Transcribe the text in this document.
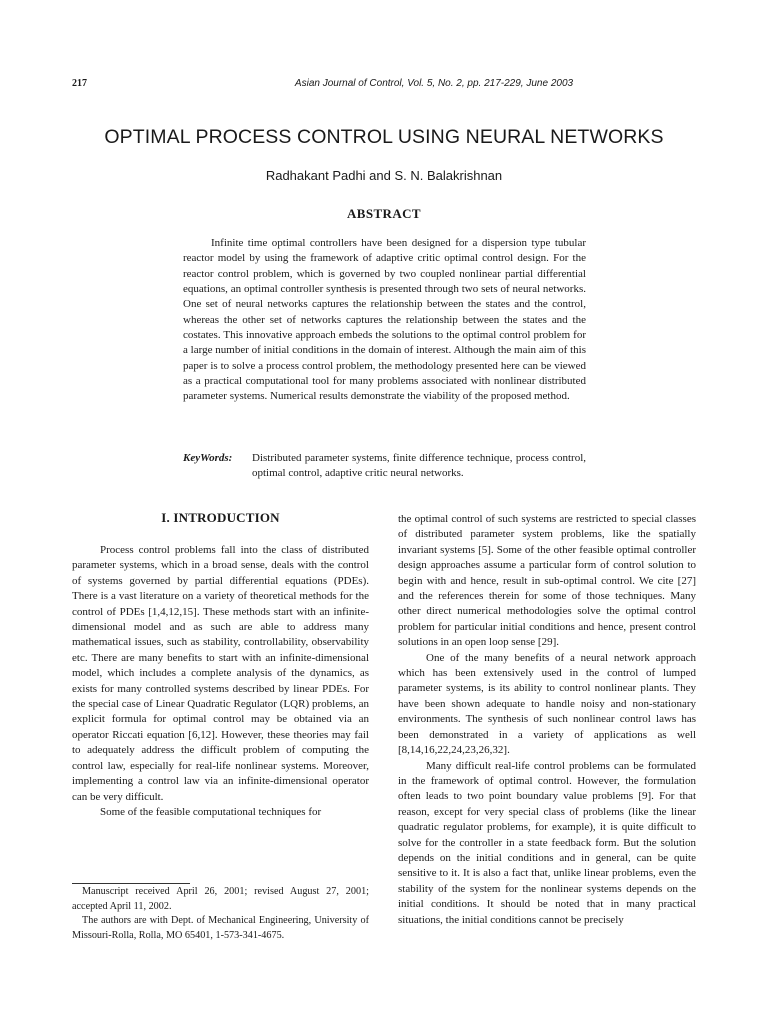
217	Asian Journal of Control, Vol. 5, No. 2, pp. 217-229, June 2003
OPTIMAL PROCESS CONTROL USING NEURAL NETWORKS
Radhakant Padhi and S. N. Balakrishnan
ABSTRACT

Infinite time optimal controllers have been designed for a dispersion type tubular reactor model by using the framework of adaptive critic optimal control design. For the reactor control problem, which is governed by two coupled nonlinear partial differential equations, an optimal controller synthesis is presented through two sets of neural networks. One set of neural networks captures the relationship between the states and the control, whereas the other set of networks captures the relationship between the states and the costates. This innovative approach embeds the solutions to the optimal control problem for a large number of initial conditions in the domain of interest. Although the main aim of this paper is to solve a process control problem, the methodology presented here can be viewed as a practical computational tool for many problems associated with nonlinear distributed parameter systems. Numerical results demonstrate the viability of the proposed method.

KeyWords: Distributed parameter systems, finite difference technique, process control, optimal control, adaptive critic neural networks.
I. INTRODUCTION

Process control problems fall into the class of distributed parameter systems, which in a broad sense, deals with the control of systems governed by partial differential equations (PDEs). There is a vast literature on a variety of theoretical methods for the control of PDEs [1,4,12,15]. These methods start with an infinite-dimensional model and as such are able to address many mathematical issues, such as stability, controllability, observability etc. There are many benefits to start with an infinite-dimensional model, which includes a complete analysis of the dynamics, as exists for many controlled systems described by linear PDEs. For the special case of Linear Quadratic Regulator (LQR) problems, an explicit formula for optimal control may be obtained via an operator Riccati equation [6,12]. However, these theories may fail to adequately address the difficult problem of computing the control law, especially for real-life nonlinear systems. Moreover, implementing a control law via an infinite-dimensional operator can be very difficult.

Some of the feasible computational techniques for

Manuscript received April 26, 2001; revised August 27, 2001; accepted April 11, 2002.

The authors are with Dept. of Mechanical Engineering, University of Missouri-Rolla, Rolla, MO 65401, 1-573-341-4675.

the optimal control of such systems are restricted to special classes of distributed parameter system problems, like the spatially invariant systems [5]. Some of the other feasible optimal controller design approaches assume a particular form of control solution to begin with and hence, result in sub-optimal control. We cite [27] and the references therein for some of those techniques. Many other direct numerical methodologies solve the optimal control problem for particular initial conditions and hence, present control solutions in an open loop sense [29].

One of the many benefits of a neural network approach which has been extensively used in the control of lumped parameter systems, is its ability to control nonlinear plants. They have been shown adequate to handle noisy and non-stationary environments. The synthesis of such nonlinear control laws has been demonstrated in a variety of applications as well [8,14,16,22,24,23,26,32].

Many difficult real-life control problems can be formulated in the framework of optimal control. However, the formulation often leads to two point boundary value problems [9]. For that reason, except for very special class of problems (like the linear quadratic regulator problems, for example), it is quite difficult to solve for the controller in a state feedback form. But the solution depends on the initial conditions and in general, can be quite sensitive to it. It is also a fact that, unlike linear problems, even the stability of the system for the nonlinear systems depends on the initial conditions. It should be noted that in many practical situations, the initial conditions cannot be precisely
